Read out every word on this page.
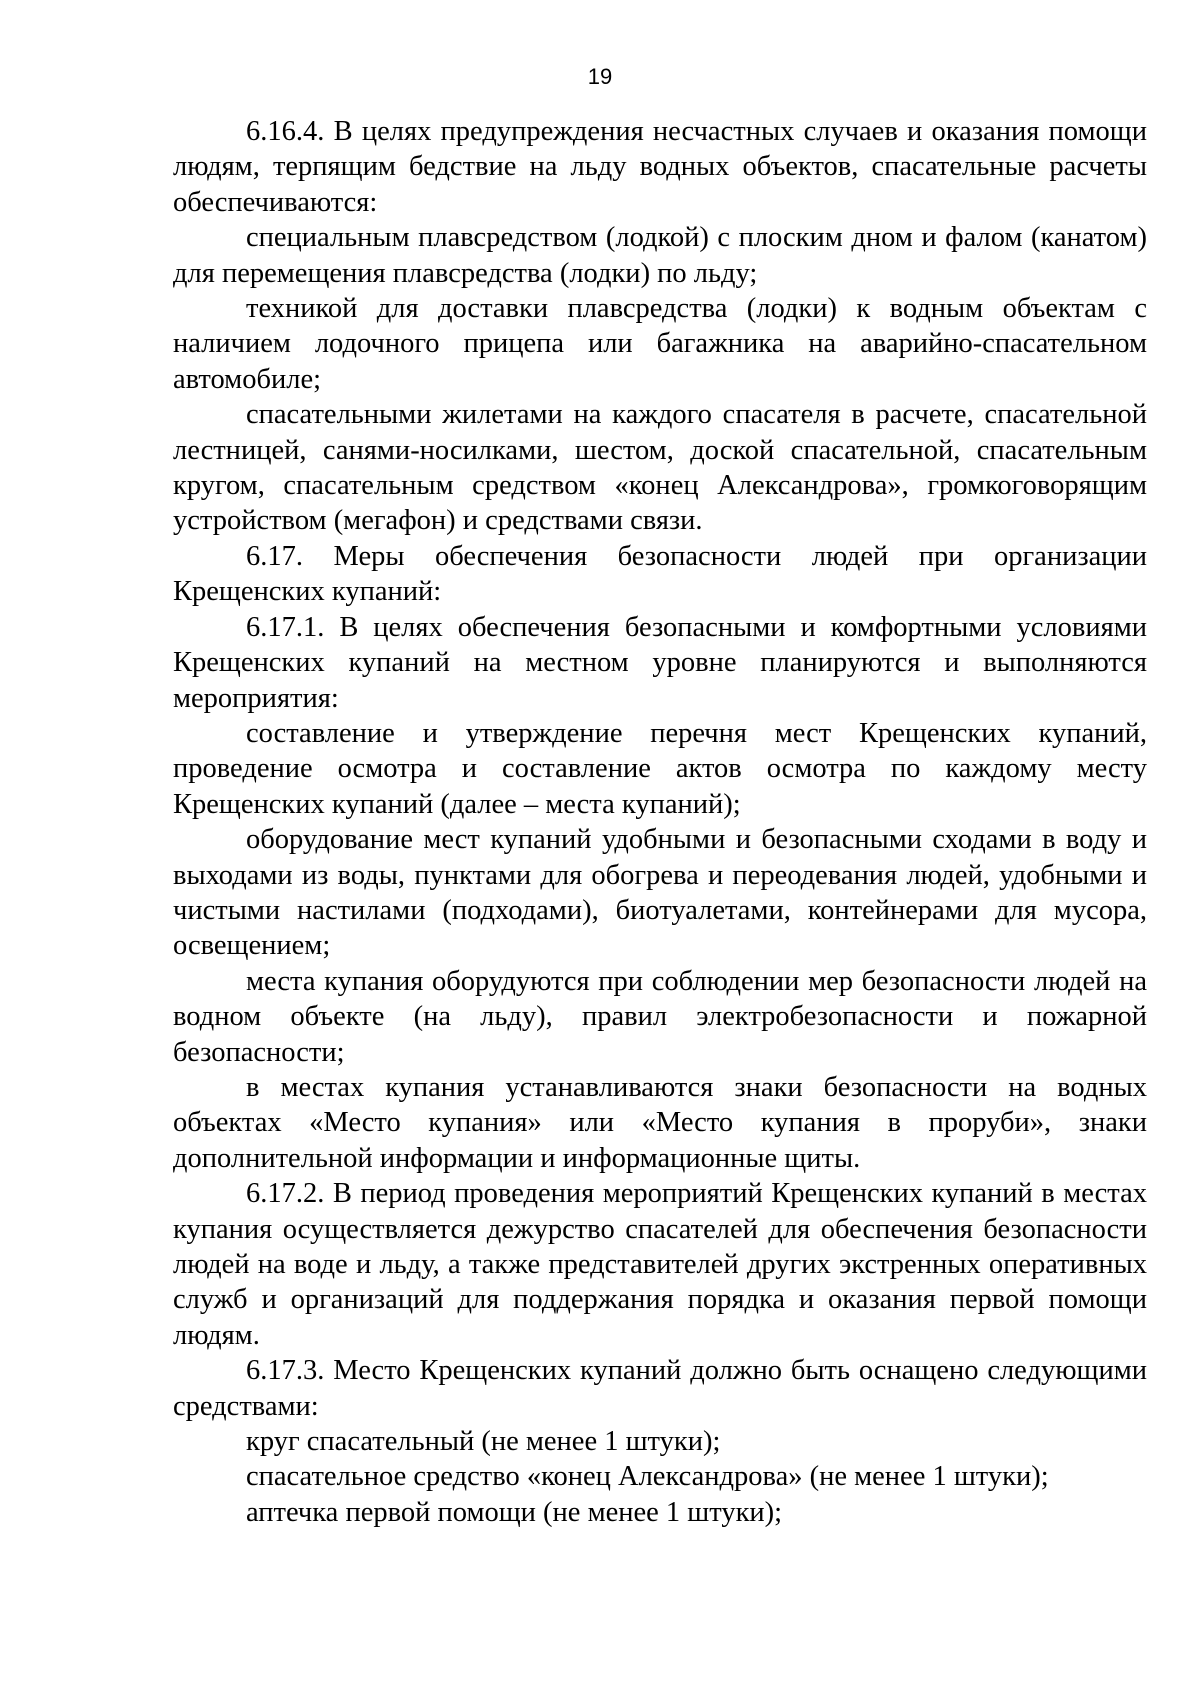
19

6.16.4. В целях предупреждения несчастных случаев и оказания помощи людям, терпящим бедствие на льду водных объектов, спасательные расчеты обеспечиваются:

специальным плавсредством (лодкой) с плоским дном и фалом (канатом) для перемещения плавсредства (лодки) по льду;

техникой для доставки плавсредства (лодки) к водным объектам с наличием лодочного прицепа или багажника на аварийно-спасательном автомобиле;

спасательными жилетами на каждого спасателя в расчете, спасательной лестницей, санями-носилками, шестом, доской спасательной, спасательным кругом, спасательным средством «конец Александрова», громкоговорящим устройством (мегафон) и средствами связи.

6.17. Меры обеспечения безопасности людей при организации Крещенских купаний:

6.17.1. В целях обеспечения безопасными и комфортными условиями Крещенских купаний на местном уровне планируются и выполняются мероприятия:

составление и утверждение перечня мест Крещенских купаний, проведение осмотра и составление актов осмотра по каждому месту Крещенских купаний (далее – места купаний);

оборудование мест купаний удобными и безопасными сходами в воду и выходами из воды, пунктами для обогрева и переодевания людей, удобными и чистыми настилами (подходами), биотуалетами, контейнерами для мусора, освещением;

места купания оборудуются при соблюдении мер безопасности людей на водном объекте (на льду), правил электробезопасности и пожарной безопасности;

в местах купания устанавливаются знаки безопасности на водных объектах «Место купания» или «Место купания в проруби», знаки дополнительной информации и информационные щиты.

6.17.2. В период проведения мероприятий Крещенских купаний в местах купания осуществляется дежурство спасателей для обеспечения безопасности людей на воде и льду, а также представителей других экстренных оперативных служб и организаций для поддержания порядка и оказания первой помощи людям.

6.17.3. Место Крещенских купаний должно быть оснащено следующими средствами:

круг спасательный (не менее 1 штуки);

спасательное средство «конец Александрова» (не менее 1 штуки);

аптечка первой помощи (не менее 1 штуки);
